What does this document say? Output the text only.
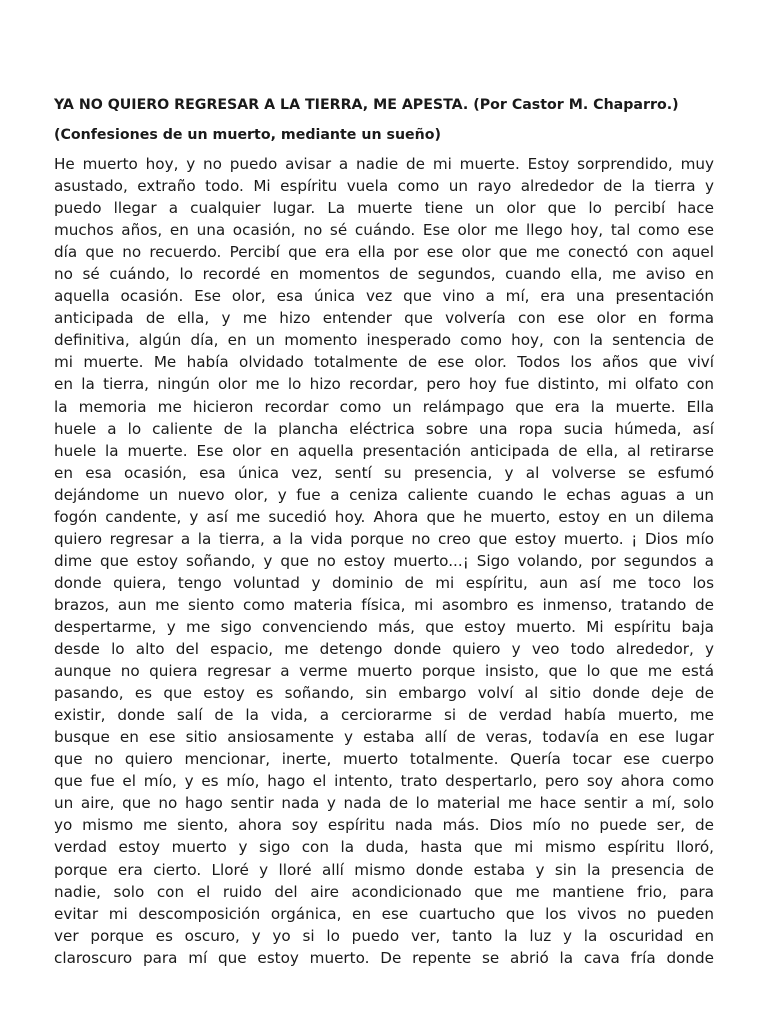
YA NO QUIERO REGRESAR A LA TIERRA, ME APESTA. (Por Castor M. Chaparro.)
(Confesiones de un muerto, mediante un sueño)
He muerto hoy, y no puedo avisar a nadie de mi muerte. Estoy sorprendido, muy
asustado, extraño todo. Mi espíritu vuela como un rayo alrededor de la tierra y
puedo llegar a cualquier lugar. La muerte tiene un olor que lo percibí hace
muchos años, en una ocasión, no sé cuándo. Ese olor me llego hoy, tal como ese
día que no recuerdo. Percibí que era ella por ese olor que me conectó con aquel
no sé cuándo, lo recordé en momentos de segundos, cuando ella, me aviso en
aquella ocasión. Ese olor, esa única vez que vino a mí, era una presentación
anticipada de ella, y me hizo entender que volvería con ese olor en forma
definitiva, algún día, en un momento inesperado como hoy, con la sentencia de
mi muerte. Me había olvidado totalmente de ese olor. Todos los años que viví
en la tierra, ningún olor me lo hizo recordar, pero hoy fue distinto, mi olfato con
la memoria me hicieron recordar como un relámpago que era la muerte. Ella
huele a lo caliente de la plancha eléctrica sobre una ropa sucia húmeda, así
huele la muerte. Ese olor en aquella presentación anticipada de ella, al retirarse
en esa ocasión, esa única vez, sentí su presencia, y al volverse se esfumó
dejándome un nuevo olor, y fue a ceniza caliente cuando le echas aguas a un
fogón candente, y así me sucedió hoy. Ahora que he muerto, estoy en un dilema
quiero regresar a la tierra, a la vida porque no creo que estoy muerto. ¡ Dios mío
dime que estoy soñando, y que no estoy muerto...¡ Sigo volando, por segundos a
donde quiera, tengo voluntad y dominio de mi espíritu, aun así me toco los
brazos, aun me siento como materia física, mi asombro es inmenso, tratando de
despertarme, y me sigo convenciendo más, que estoy muerto. Mi espíritu baja
desde lo alto del espacio, me detengo donde quiero y veo todo alrededor, y
aunque no quiera regresar a verme muerto porque insisto, que lo que me está
pasando, es que estoy es soñando, sin embargo volví al sitio donde deje de
existir, donde salí de la vida, a cerciorarme si de verdad había muerto, me
busque en ese sitio ansiosamente y estaba allí de veras, todavía en ese lugar
que no quiero mencionar, inerte, muerto totalmente. Quería tocar ese cuerpo
que fue el mío, y es mío, hago el intento, trato despertarlo, pero soy ahora como
un aire, que no hago sentir nada y nada de lo material me hace sentir a mí, solo
yo mismo me siento, ahora soy espíritu nada más. Dios mío no puede ser, de
verdad estoy muerto y sigo con la duda, hasta que mi mismo espíritu lloró,
porque era cierto. Lloré y lloré allí mismo donde estaba y sin la presencia de
nadie, solo con el ruido del aire acondicionado que me mantiene frio, para
evitar mi descomposición orgánica, en ese cuartucho que los vivos no pueden
ver porque es oscuro, y yo si lo puedo ver, tanto la luz y la oscuridad en
claroscuro para mí que estoy muerto. De repente se abrió la cava fría donde
